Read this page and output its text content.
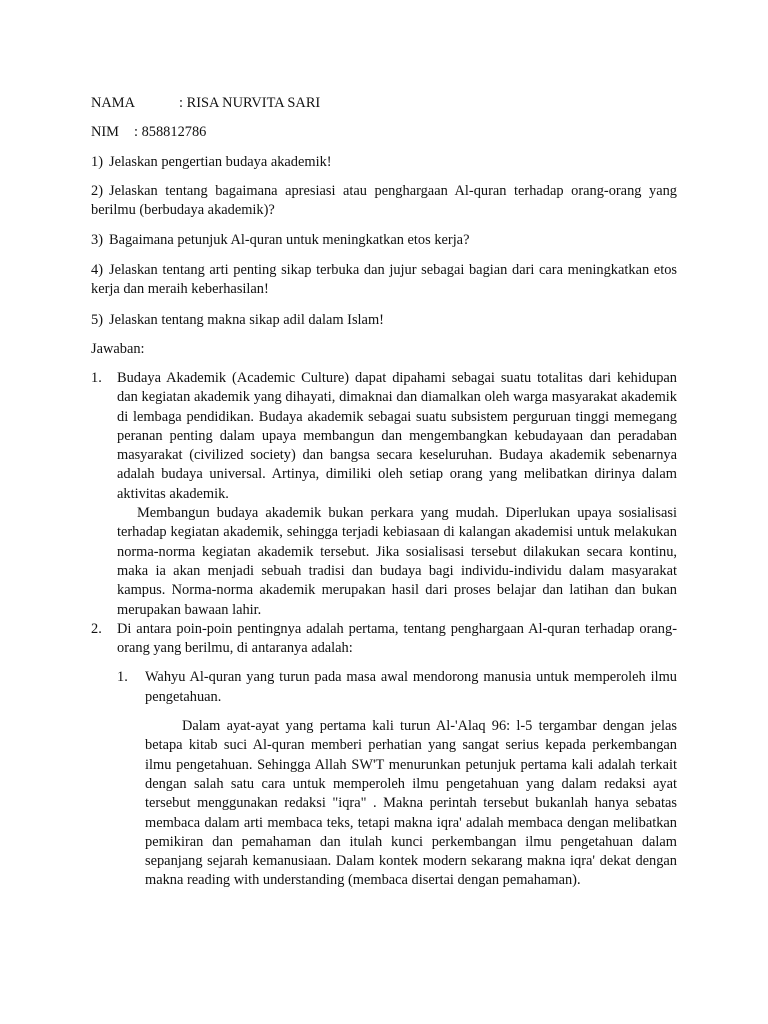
NAMA	: RISA NURVITA SARI
NIM : 858812786
1) Jelaskan pengertian budaya akademik!
2) Jelaskan tentang bagaimana apresiasi atau penghargaan Al-quran terhadap orang-orang yang berilmu (berbudaya akademik)?
3) Bagaimana petunjuk Al-quran untuk meningkatkan etos kerja?
4) Jelaskan tentang arti penting sikap terbuka dan jujur sebagai bagian dari cara meningkatkan etos kerja dan meraih keberhasilan!
5) Jelaskan tentang makna sikap adil dalam Islam!
Jawaban:
1. Budaya Akademik (Academic Culture) dapat dipahami sebagai suatu totalitas dari kehidupan dan kegiatan akademik yang dihayati, dimaknai dan diamalkan oleh warga masyarakat akademik di lembaga pendidikan. Budaya akademik sebagai suatu subsistem perguruan tinggi memegang peranan penting dalam upaya membangun dan mengembangkan kebudayaan dan peradaban masyarakat (civilized society) dan bangsa secara keseluruhan. Budaya akademik sebenarnya adalah budaya universal. Artinya, dimiliki oleh setiap orang yang melibatkan dirinya dalam aktivitas akademik.

Membangun budaya akademik bukan perkara yang mudah. Diperlukan upaya sosialisasi terhadap kegiatan akademik, sehingga terjadi kebiasaan di kalangan akademisi untuk melakukan norma-norma kegiatan akademik tersebut. Jika sosialisasi tersebut dilakukan secara kontinu, maka ia akan menjadi sebuah tradisi dan budaya bagi individu-individu dalam masyarakat kampus. Norma-norma akademik merupakan hasil dari proses belajar dan latihan dan bukan merupakan bawaan lahir.

2. Di antara poin-poin pentingnya adalah pertama, tentang penghargaan Al-quran terhadap orang-orang yang berilmu, di antaranya adalah:

1. Wahyu Al-quran yang turun pada masa awal mendorong manusia untuk memperoleh ilmu pengetahuan.

Dalam ayat-ayat yang pertama kali turun Al-'Alaq 96: l-5 tergambar dengan jelas betapa kitab suci Al-quran memberi perhatian yang sangat serius kepada perkembangan ilmu pengetahuan. Sehingga Allah SW'T menurunkan petunjuk pertama kali adalah terkait dengan salah satu cara untuk memperoleh ilmu pengetahuan yang dalam redaksi ayat tersebut menggunakan redaksi "iqra" . Makna perintah tersebut bukanlah hanya sebatas membaca dalam arti membaca teks, tetapi makna iqra' adalah membaca dengan melibatkan pemikiran dan pemahaman dan itulah kunci perkembangan ilmu pengetahuan dalam sepanjang sejarah kemanusiaan. Dalam kontek modern sekarang makna iqra' dekat dengan makna reading with understanding (membaca disertai dengan pemahaman).
